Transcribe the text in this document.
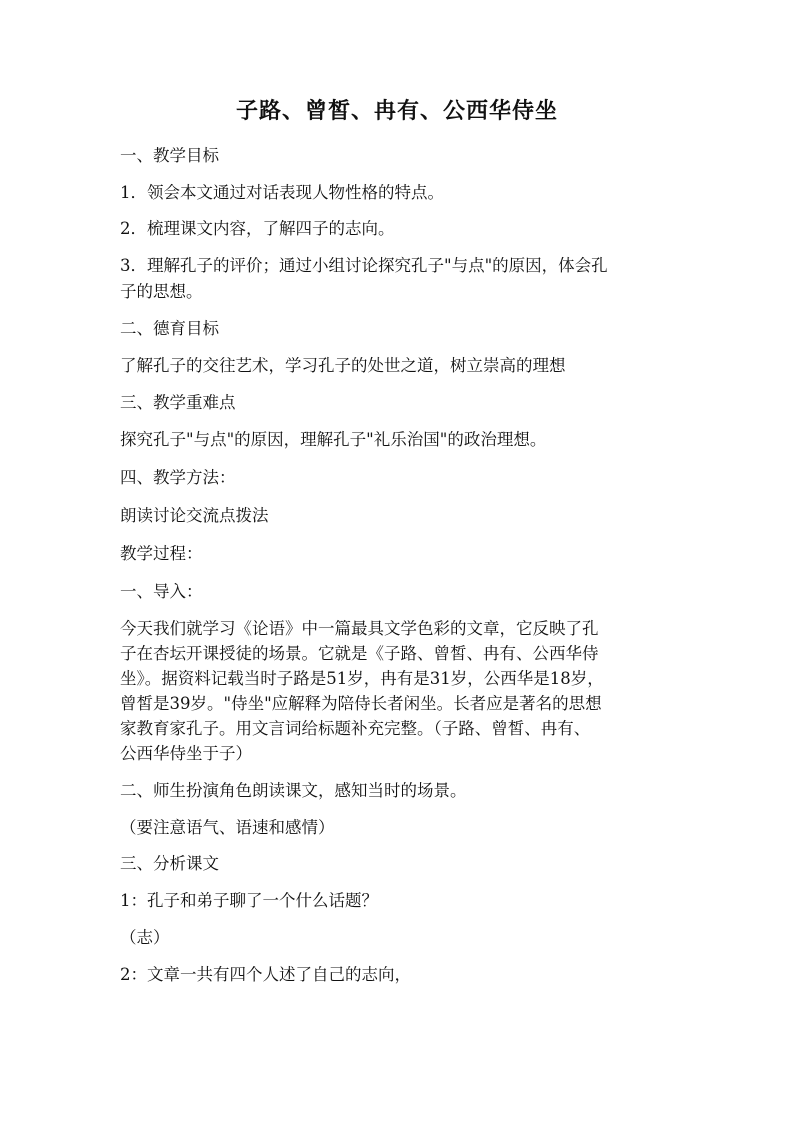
子路、曾皙、冉有、公西华侍坐
一、教学目标
1．领会本文通过对话表现人物性格的特点。
2．梳理课文内容，了解四子的志向。
3．理解孔子的评价；通过小组讨论探究孔子"与点"的原因，体会孔
子的思想。
二、德育目标
了解孔子的交往艺术，学习孔子的处世之道，树立崇高的理想
三、教学重难点
探究孔子"与点"的原因，理解孔子"礼乐治国"的政治理想。
四、教学方法：
朗读讨论交流点拨法
教学过程：
一、导入：
今天我们就学习《论语》中一篇最具文学色彩的文章，它反映了孔
子在杏坛开课授徒的场景。它就是《子路、曾皙、冉有、公西华侍
坐》。据资料记载当时子路是51岁，冉有是31岁，公西华是18岁，
曾皙是39岁。"侍坐"应解释为陪侍长者闲坐。长者应是著名的思想
家教育家孔子。用文言词给标题补充完整。（子路、曾皙、冉有、
公西华侍坐于子）
二、师生扮演角色朗读课文，感知当时的场景。
（要注意语气、语速和感情）
三、分析课文
1：孔子和弟子聊了一个什么话题？
（志）
2：文章一共有四个人述了自己的志向，
